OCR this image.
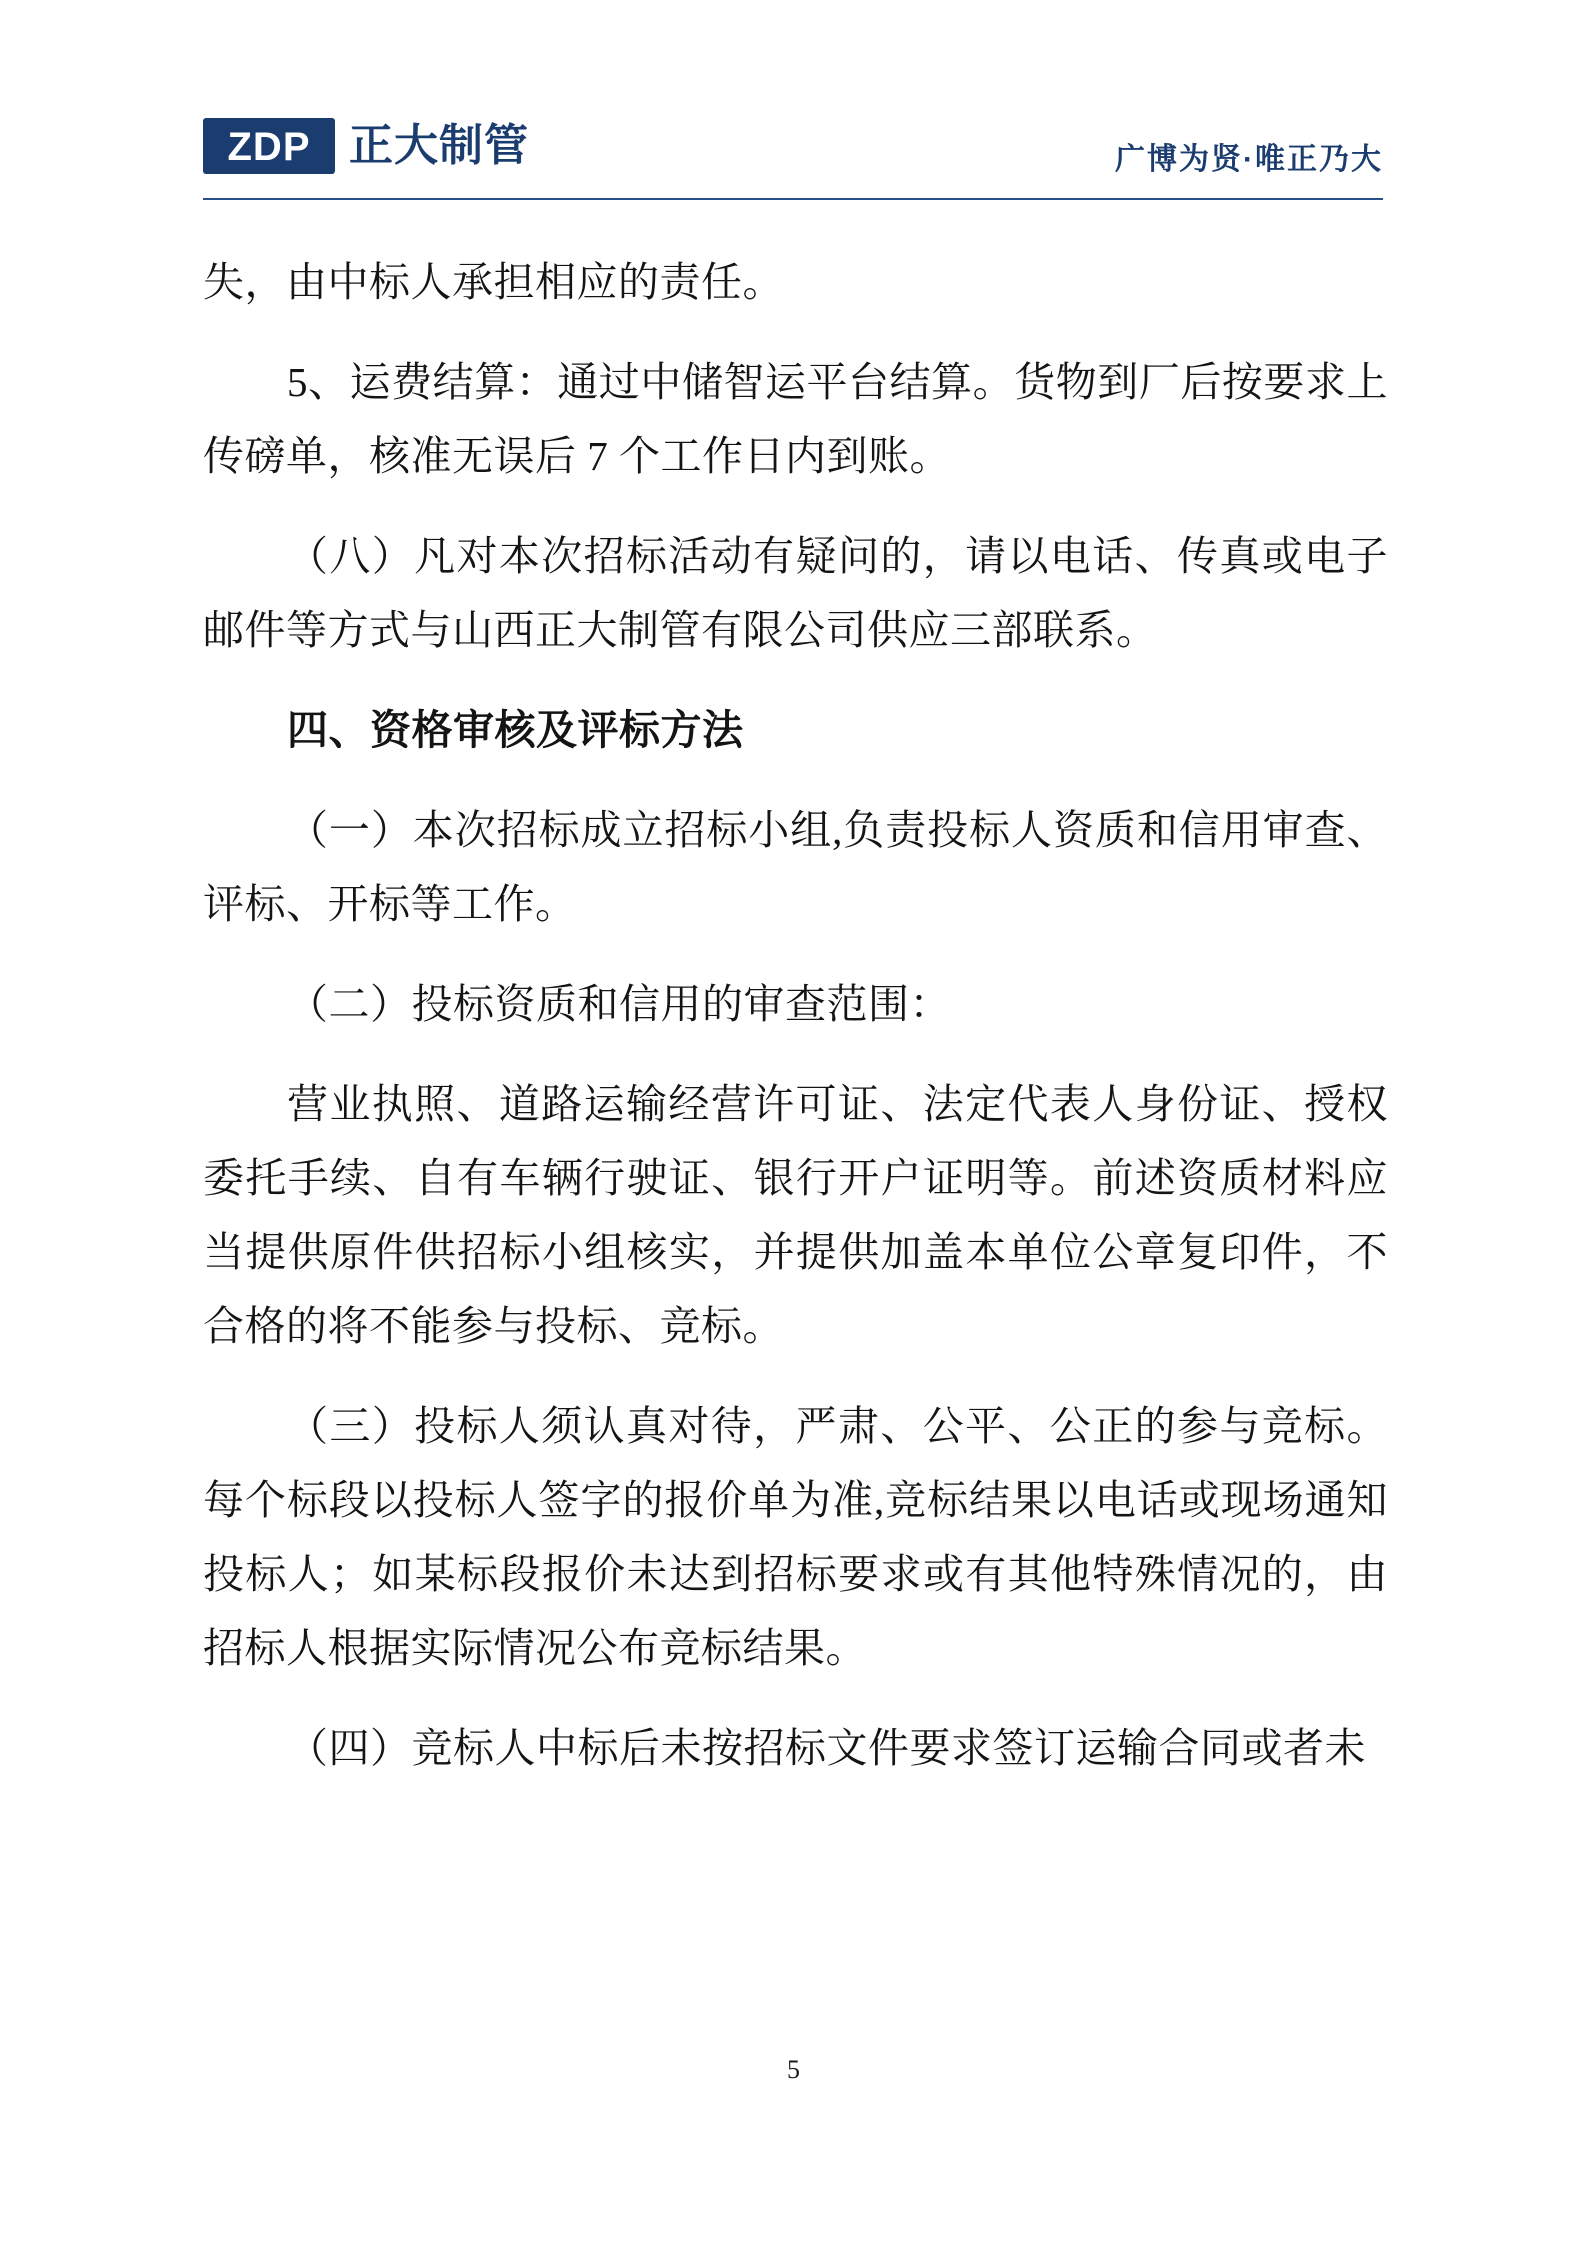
ZDP 正大制管	广博为贤·唯正乃大

失，由中标人承担相应的责任。

5、运费结算：通过中储智运平台结算。货物到厂后按要求上传磅单，核准无误后 7 个工作日内到账。

（八）凡对本次招标活动有疑问的，请以电话、传真或电子邮件等方式与山西正大制管有限公司供应三部联系。

四、资格审核及评标方法

（一）本次招标成立招标小组,负责投标人资质和信用审查、评标、开标等工作。

（二）投标资质和信用的审查范围：

营业执照、道路运输经营许可证、法定代表人身份证、授权委托手续、自有车辆行驶证、银行开户证明等。前述资质材料应当提供原件供招标小组核实，并提供加盖本单位公章复印件，不合格的将不能参与投标、竞标。

（三）投标人须认真对待，严肃、公平、公正的参与竞标。每个标段以投标人签字的报价单为准,竞标结果以电话或现场通知投标人；如某标段报价未达到招标要求或有其他特殊情况的，由招标人根据实际情况公布竞标结果。

（四）竞标人中标后未按招标文件要求签订运输合同或者未

5
